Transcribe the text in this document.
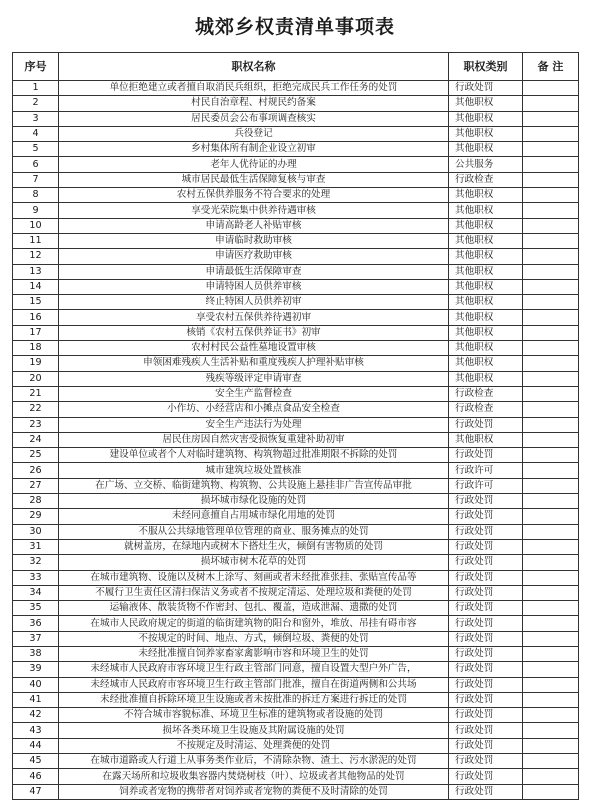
城郊乡权责清单事项表
序号	职权名称	职权类别	备 注
1	单位拒绝建立或者擅自取消民兵组织，拒绝完成民兵工作任务的处罚	行政处罚	
2	村民自治章程、村规民约备案	其他职权	
3	居民委员会公布事项调查核实	其他职权	
4	兵役登记	其他职权	
5	乡村集体所有制企业设立初审	其他职权	
6	老年人优待证的办理	公共服务	
7	城市居民最低生活保障复核与审查	行政检查	
8	农村五保供养服务不符合要求的处理	其他职权	
9	享受光荣院集中供养待遇审核	其他职权	
10	申请高龄老人补贴审核	其他职权	
11	申请临时救助审核	其他职权	
12	申请医疗救助审核	其他职权	
13	申请最低生活保障审查	其他职权	
14	申请特困人员供养审核	其他职权	
15	终止特困人员供养初审	其他职权	
16	享受农村五保供养待遇初审	其他职权	
17	核销《农村五保供养证书》初审	其他职权	
18	农村村民公益性墓地设置审核	其他职权	
19	申领困难残疾人生活补贴和重度残疾人护理补贴审核	其他职权	
20	残疾等级评定申请审查	其他职权	
21	安全生产监督检查	行政检查	
22	小作坊、小经营店和小摊点食品安全检查	行政检查	
23	安全生产违法行为处理	行政处罚	
24	居民住房因自然灾害受损恢复重建补助初审	其他职权	
25	建设单位或者个人对临时建筑物、构筑物超过批准期限不拆除的处罚	行政处罚	
26	城市建筑垃圾处置核准	行政许可	
27	在广场、立交桥、临街建筑物、构筑物、公共设施上悬挂非广告宣传品审批	行政许可	
28	损坏城市绿化设施的处罚	行政处罚	
29	未经同意擅自占用城市绿化用地的处罚	行政处罚	
30	不服从公共绿地管理单位管理的商业、服务摊点的处罚	行政处罚	
31	就树盖房，在绿地内或树木下搭灶生火，倾倒有害物质的处罚	行政处罚	
32	损坏城市树木花草的处罚	行政处罚	
33	在城市建筑物、设施以及树木上涂写、刻画或者未经批准张挂、张贴宣传品等	行政处罚	
34	不履行卫生责任区清扫保洁义务或者不按规定清运、处理垃圾和粪便的处罚	行政处罚	
35	运输液体、散装货物不作密封、包扎、覆盖，造成泄漏、遗撒的处罚	行政处罚	
36	在城市人民政府规定的街道的临街建筑物的阳台和窗外，堆放、吊挂有碍市容	行政处罚	
37	不按规定的时间、地点、方式，倾倒垃圾、粪便的处罚	行政处罚	
38	未经批准擅自饲养家畜家禽影响市容和环境卫生的处罚	行政处罚	
39	未经城市人民政府市容环境卫生行政主管部门同意，擅自设置大型户外广告，	行政处罚	
40	未经城市人民政府市容环境卫生行政主管部门批准，擅自在街道两侧和公共场	行政处罚	
41	未经批准擅自拆除环境卫生设施或者未按批准的拆迁方案进行拆迁的处罚	行政处罚	
42	不符合城市容貌标准、环境卫生标准的建筑物或者设施的处罚	行政处罚	
43	损坏各类环境卫生设施及其附属设施的处罚	行政处罚	
44	不按规定及时清运、处理粪便的处罚	行政处罚	
45	在城市道路或人行道上从事务类作业后，不清除杂物、渣土、污水淤泥的处罚	行政处罚	
46	在露天场所和垃圾收集容器内焚烧树枝（叶）、垃圾或者其他物品的处罚	行政处罚	
47	饲养或者宠物的携带者对饲养或者宠物的粪便不及时清除的处罚	行政处罚	
